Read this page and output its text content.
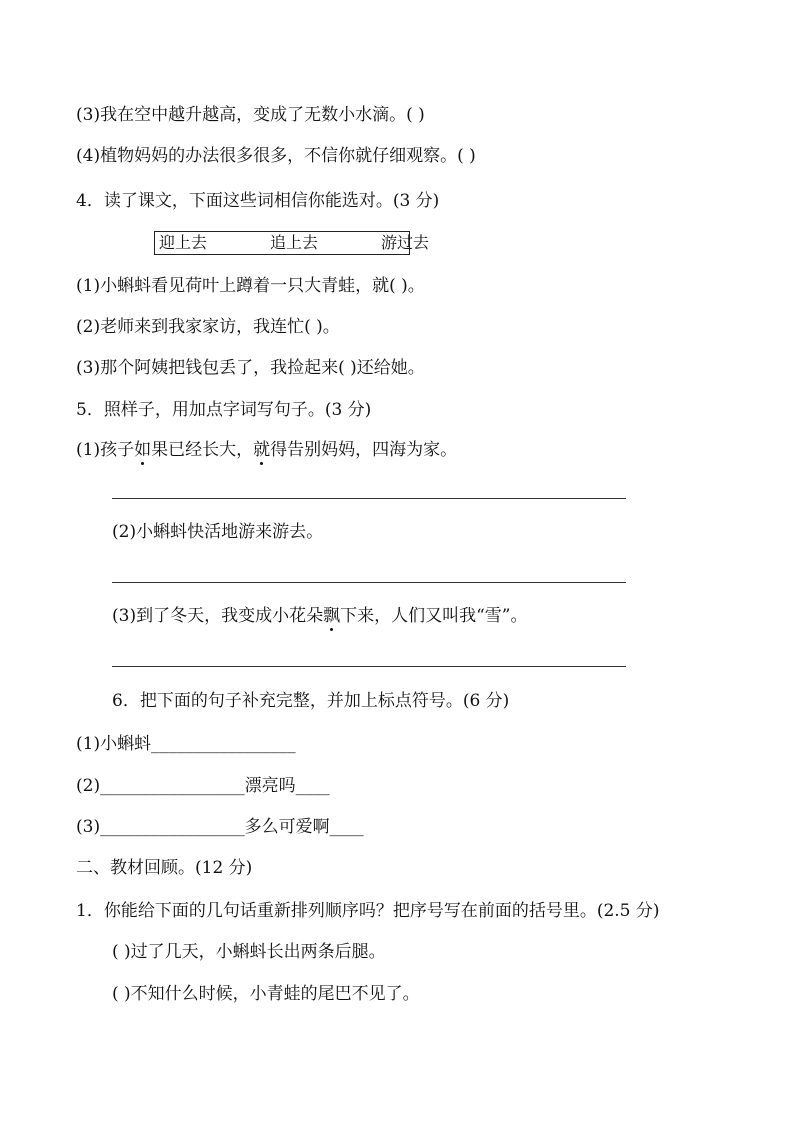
(3)我在空中越升越高，变成了无数小水滴。( )
(4)植物妈妈的办法很多很多，不信你就仔细观察。( )
4．读了课文，下面这些词相信你能选对。(3 分)
迎上去	追上去	游过去
(1)小蝌蚪看见荷叶上蹲着一只大青蛙，就( )。
(2)老师来到我家家访，我连忙( )。
(3)那个阿姨把钱包丢了，我捡起来( )还给她。
5．照样子，用加点字词写句子。(3 分)
(1)孩子如果已经长大，就得告别妈妈，四海为家。
(2)小蝌蚪快活地游来游去。
(3)到了冬天，我变成小花朵飘下来，人们又叫我“雪”。
6．把下面的句子补充完整，并加上标点符号。(6 分)
(1)小蝌蚪_________________
(2)_________________漂亮吗____
(3)_________________多么可爱啊____
二、教材回顾。(12 分)
1．你能给下面的几句话重新排列顺序吗？把序号写在前面的括号里。(2.5 分)
( )过了几天，小蝌蚪长出两条后腿。
( )不知什么时候，小青蛙的尾巴不见了。
